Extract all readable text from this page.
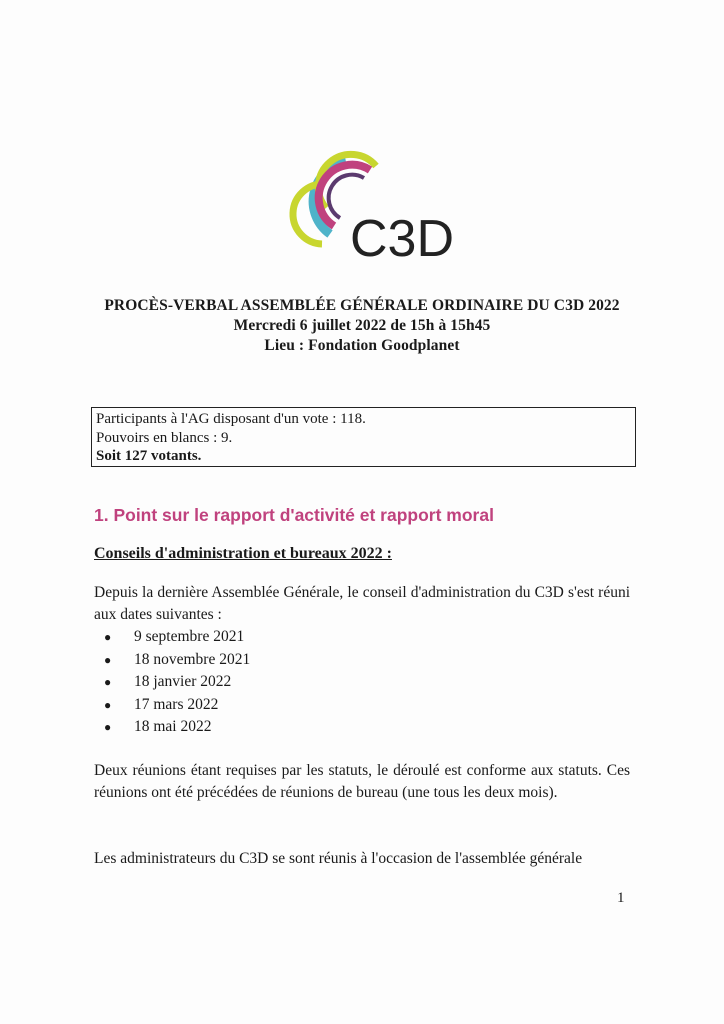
C3D
PROCÈS-VERBAL ASSEMBLÉE GÉNÉRALE ORDINAIRE DU C3D 2022
Mercredi 6 juillet 2022 de 15h à 15h45
Lieu : Fondation Goodplanet
Participants à l'AG disposant d'un vote : 118.
Pouvoirs en blancs : 9.
Soit 127 votants.
1. Point sur le rapport d'activité et rapport moral
Conseils d'administration et bureaux 2022 :
Depuis la dernière Assemblée Générale, le conseil d'administration du C3D s'est réuni aux dates suivantes :
● 9 septembre 2021
● 18 novembre 2021
● 18 janvier 2022
● 17 mars 2022
● 18 mai 2022
Deux réunions étant requises par les statuts, le déroulé est conforme aux statuts. Ces réunions ont été précédées de réunions de bureau (une tous les deux mois).
Les administrateurs du C3D se sont réunis à l'occasion de l'assemblée générale
1
